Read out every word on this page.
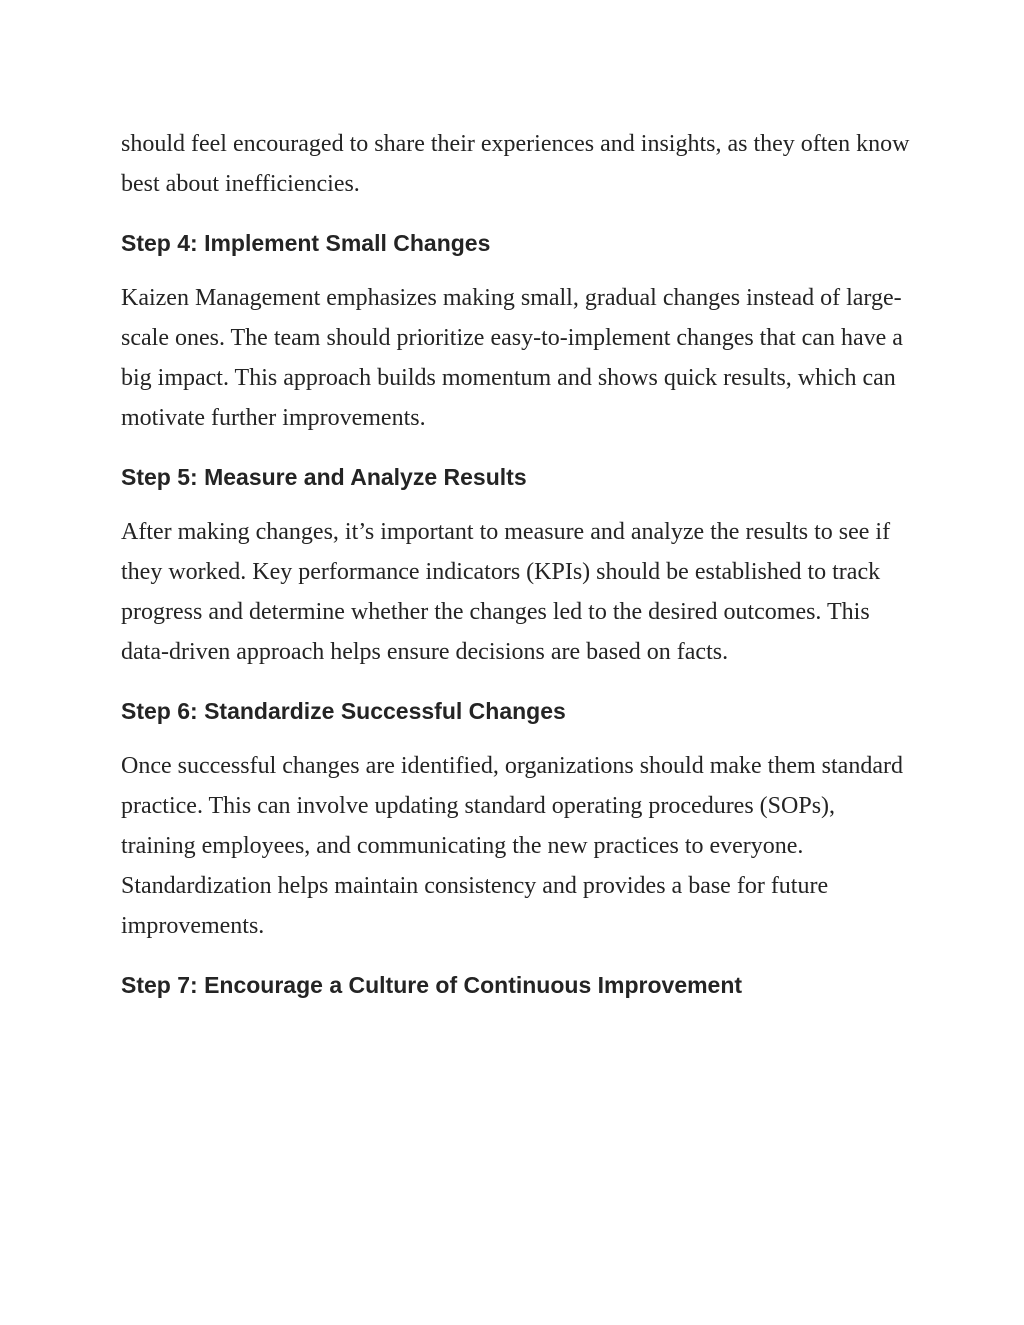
should feel encouraged to share their experiences and insights, as they often know best about inefficiencies.

Step 4: Implement Small Changes

Kaizen Management emphasizes making small, gradual changes instead of large-scale ones. The team should prioritize easy-to-implement changes that can have a big impact. This approach builds momentum and shows quick results, which can motivate further improvements.

Step 5: Measure and Analyze Results

After making changes, it’s important to measure and analyze the results to see if they worked. Key performance indicators (KPIs) should be established to track progress and determine whether the changes led to the desired outcomes. This data-driven approach helps ensure decisions are based on facts.

Step 6: Standardize Successful Changes

Once successful changes are identified, organizations should make them standard practice. This can involve updating standard operating procedures (SOPs), training employees, and communicating the new practices to everyone. Standardization helps maintain consistency and provides a base for future improvements.

Step 7: Encourage a Culture of Continuous Improvement
